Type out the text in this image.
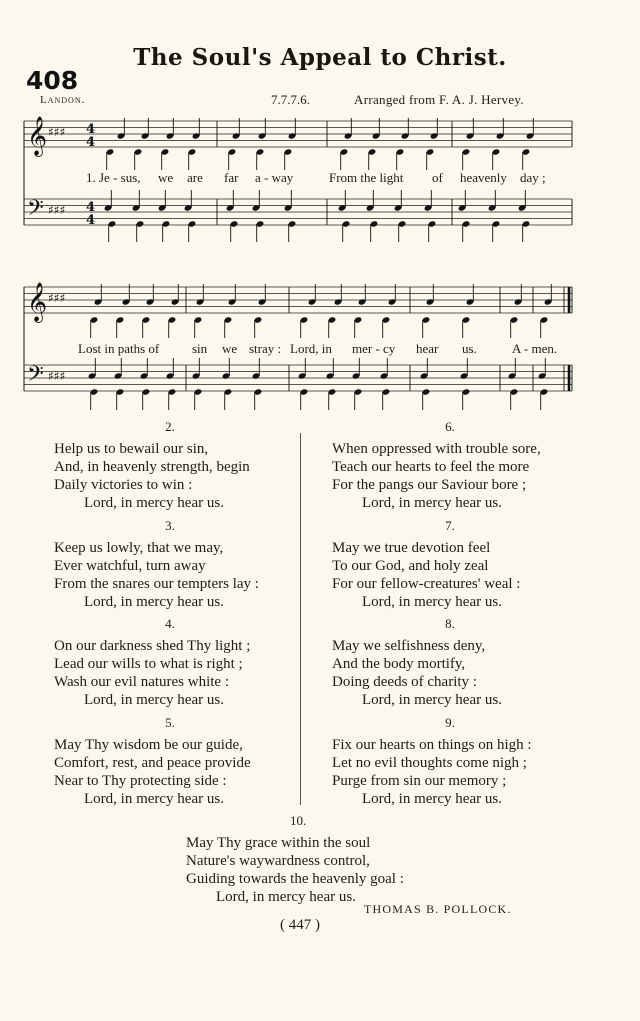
The Soul's Appeal to Christ.
408
Landon.	7.7.7.6.	Arranged from F. A. J. Hervey.
𝄞
𝄢
♯♯♯
♯♯♯
4
4
4
4
𝄞
𝄢
♯♯♯
♯♯♯
1. Je - sus, we are far a - way	From the light of heavenly day ;
Lost in paths of	sin we stray : Lord, in mer - cy hear us.	A - men.
2.
Help us to bewail our sin,
And, in heavenly strength, begin
Daily victories to win :
Lord, in mercy hear us.
3.
Keep us lowly, that we may,
Ever watchful, turn away
From the snares our tempters lay :
Lord, in mercy hear us.
4.
On our darkness shed Thy light ;
Lead our wills to what is right ;
Wash our evil natures white :
Lord, in mercy hear us.
5.
May Thy wisdom be our guide,
Comfort, rest, and peace provide
Near to Thy protecting side :
Lord, in mercy hear us.
6.
When oppressed with trouble sore,
Teach our hearts to feel the more
For the pangs our Saviour bore ;
Lord, in mercy hear us.
7.
May we true devotion feel
To our God, and holy zeal
For our fellow-creatures' weal :
Lord, in mercy hear us.
8.
May we selfishness deny,
And the body mortify,
Doing deeds of charity :
Lord, in mercy hear us.
9.
Fix our hearts on things on high :
Let no evil thoughts come nigh ;
Purge from sin our memory ;
Lord, in mercy hear us.
10.
May Thy grace within the soul
Nature's waywardness control,
Guiding towards the heavenly goal :
Lord, in mercy hear us.
THOMAS B. POLLOCK.
( 447 )
